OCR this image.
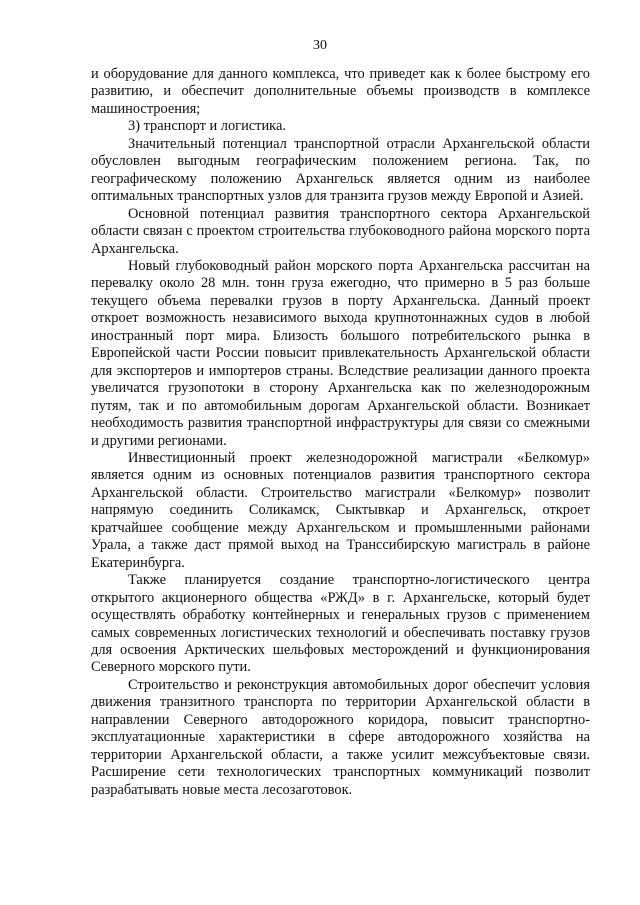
30

и оборудование для данного комплекса, что приведет как к более быстрому его развитию, и обеспечит дополнительные объемы производств в комплексе машиностроения;

3) транспорт и логистика.

Значительный потенциал транспортной отрасли Архангельской области обусловлен выгодным географическим положением региона. Так, по географическому положению Архангельск является одним из наиболее оптимальных транспортных узлов для транзита грузов между Европой и Азией.

Основной потенциал развития транспортного сектора Архангельской области связан с проектом строительства глубоководного района морского порта Архангельска.

Новый глубоководный район морского порта Архангельска рассчитан на перевалку около 28 млн. тонн груза ежегодно, что примерно в 5 раз больше текущего объема перевалки грузов в порту Архангельска. Данный проект откроет возможность независимого выхода крупнотоннажных судов в любой иностранный порт мира. Близость большого потребительского рынка в Европейской части России повысит привлекательность Архангельской области для экспортеров и импортеров страны. Вследствие реализации данного проекта увеличатся грузопотоки в сторону Архангельска как по железнодорожным путям, так и по автомобильным дорогам Архангельской области. Возникает необходимость развития транспортной инфраструктуры для связи со смежными и другими регионами.

Инвестиционный проект железнодорожной магистрали «Белкомур» является одним из основных потенциалов развития транспортного сектора Архангельской области. Строительство магистрали «Белкомур» позволит напрямую соединить Соликамск, Сыктывкар и Архангельск, откроет кратчайшее сообщение между Архангельском и промышленными районами Урала, а также даст прямой выход на Транссибирскую магистраль в районе Екатеринбурга.

Также планируется создание транспортно-логистического центра открытого акционерного общества «РЖД» в г. Архангельске, который будет осуществлять обработку контейнерных и генеральных грузов с применением самых современных логистических технологий и обеспечивать поставку грузов для освоения Арктических шельфовых месторождений и функционирования Северного морского пути.

Строительство и реконструкция автомобильных дорог обеспечит условия движения транзитного транспорта по территории Архангельской области в направлении Северного автодорожного коридора, повысит транспортно-эксплуатационные характеристики в сфере автодорожного хозяйства на территории Архангельской области, а также усилит межсубъектовые связи. Расширение сети технологических транспортных коммуникаций позволит разрабатывать новые места лесозаготовок.
